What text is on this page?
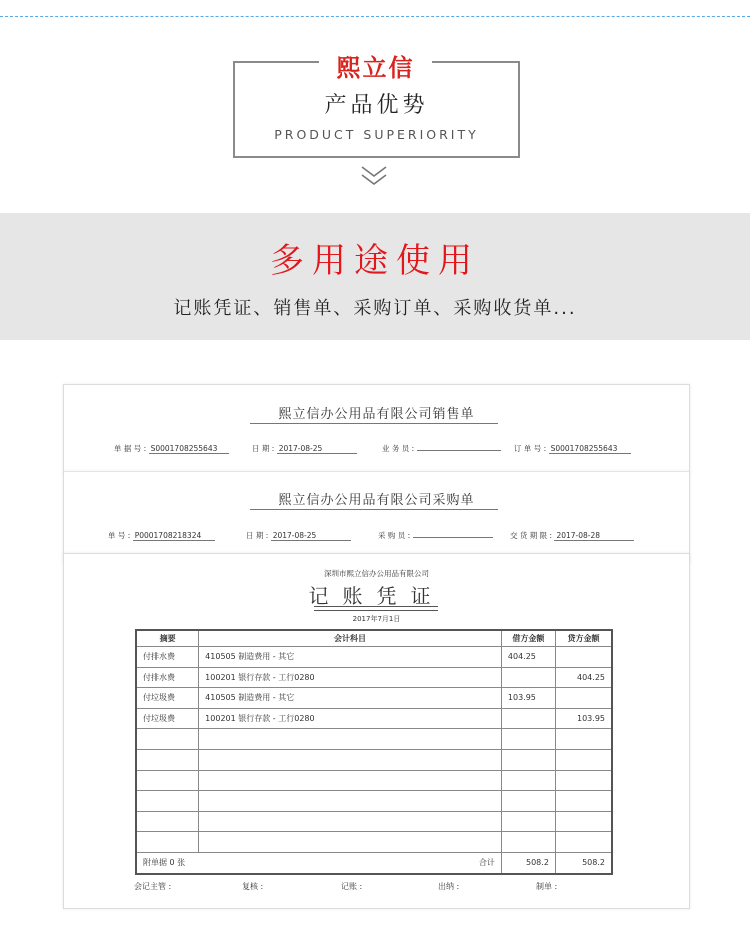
熙立信
产品优势
PRODUCT SUPERIORITY
多用途使用
记账凭证、销售单、采购订单、采购收货单...
熙立信办公用品有限公司销售单
单 据 号 : S0001708255643	日 期 : 2017-08-25	业 务 员 :	订 单 号 : S0001708255643
熙立信办公用品有限公司采购单
单 号 : P0001708218324	日 期 : 2017-08-25	采 购 员 :	交 货 期 限 : 2017-08-28
深圳市熙立信办公用品有限公司
记账凭证
2017年7月1日
摘要	会计科目	借方金额	贷方金额
付排水费	410505 制造费用 - 其它	404.25	
付排水费	100201 银行存款 - 工行0280		404.25
付垃圾费	410505 制造费用 - 其它	103.95	
付垃圾费	100201 银行存款 - 工行0280		103.95

附单据 0 张 合计		508.2	508.2
会记主管 :	复核 :	记账 :	出纳 :	制单 :
